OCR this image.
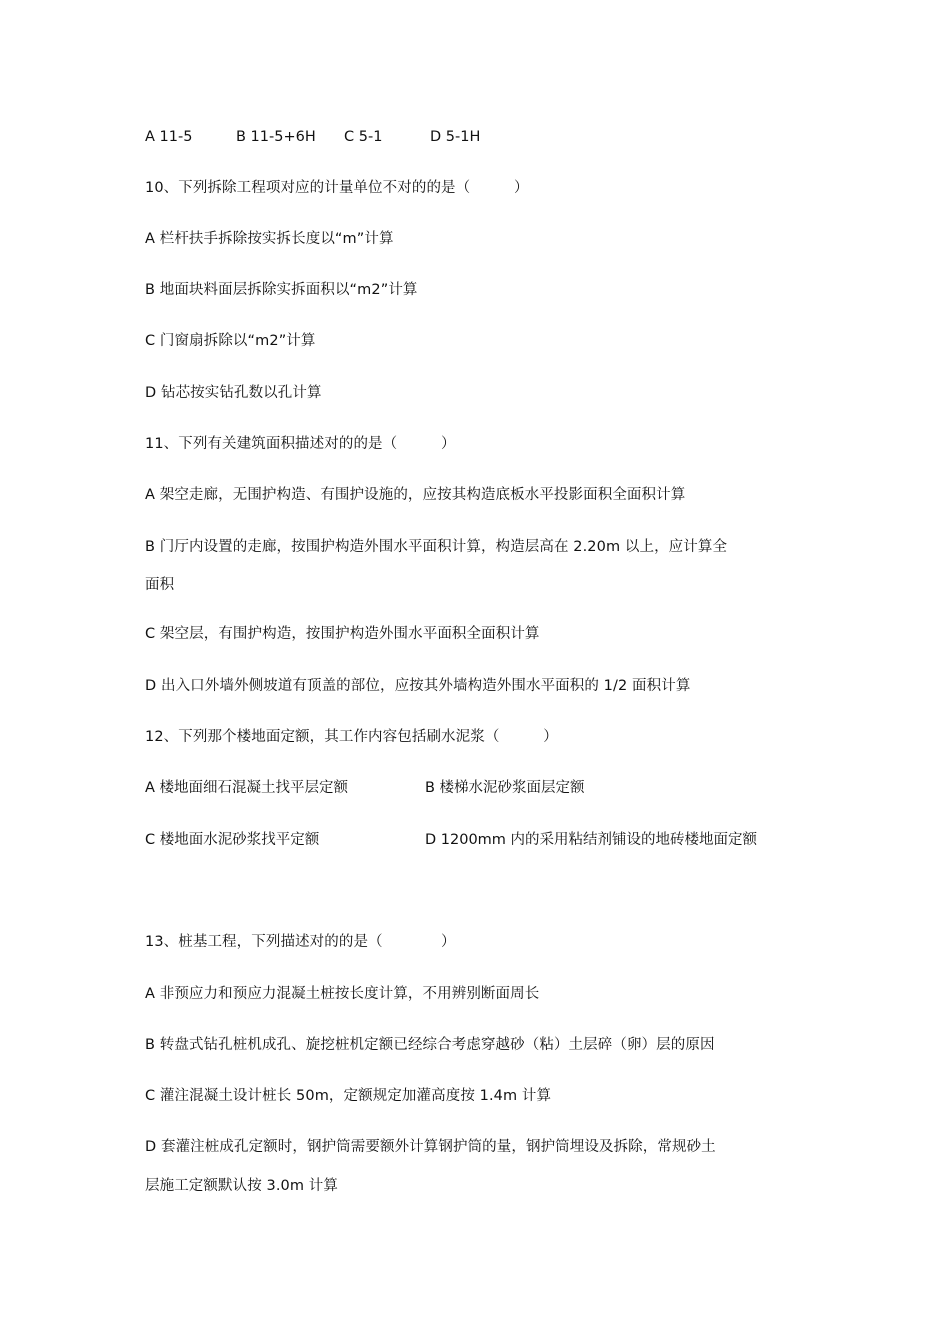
A 11-5	B 11-5+6H C 5-1	D 5-1H
10、下列拆除工程项对应的计量单位不对的的是（　　　）
A 栏杆扶手拆除按实拆长度以“m”计算
B 地面块料面层拆除实拆面积以“m2”计算
C 门窗扇拆除以“m2”计算
D 钻芯按实钻孔数以孔计算
11、下列有关建筑面积描述对的的是（　　　）
A 架空走廊，无围护构造、有围护设施的，应按其构造底板水平投影面积全面积计算
B 门厅内设置的走廊，按围护构造外围水平面积计算，构造层高在 2.20m 以上，应计算全
面积
C 架空层，有围护构造，按围护构造外围水平面积全面积计算
D 出入口外墙外侧坡道有顶盖的部位，应按其外墙构造外围水平面积的 1/2 面积计算
12、下列那个楼地面定额，其工作内容包括刷水泥浆（　　　）
A 楼地面细石混凝土找平层定额	B 楼梯水泥砂浆面层定额
C 楼地面水泥砂浆找平定额	D 1200mm 内的采用粘结剂铺设的地砖楼地面定额
13、桩基工程，下列描述对的的是（　　　　）
A 非预应力和预应力混凝土桩按长度计算，不用辨别断面周长
B 转盘式钻孔桩机成孔、旋挖桩机定额已经综合考虑穿越砂（粘）土层碎（卵）层的原因
C 灌注混凝土设计桩长 50m，定额规定加灌高度按 1.4m 计算
D 套灌注桩成孔定额时，钢护筒需要额外计算钢护筒的量，钢护筒埋设及拆除，常规砂土
层施工定额默认按 3.0m 计算
